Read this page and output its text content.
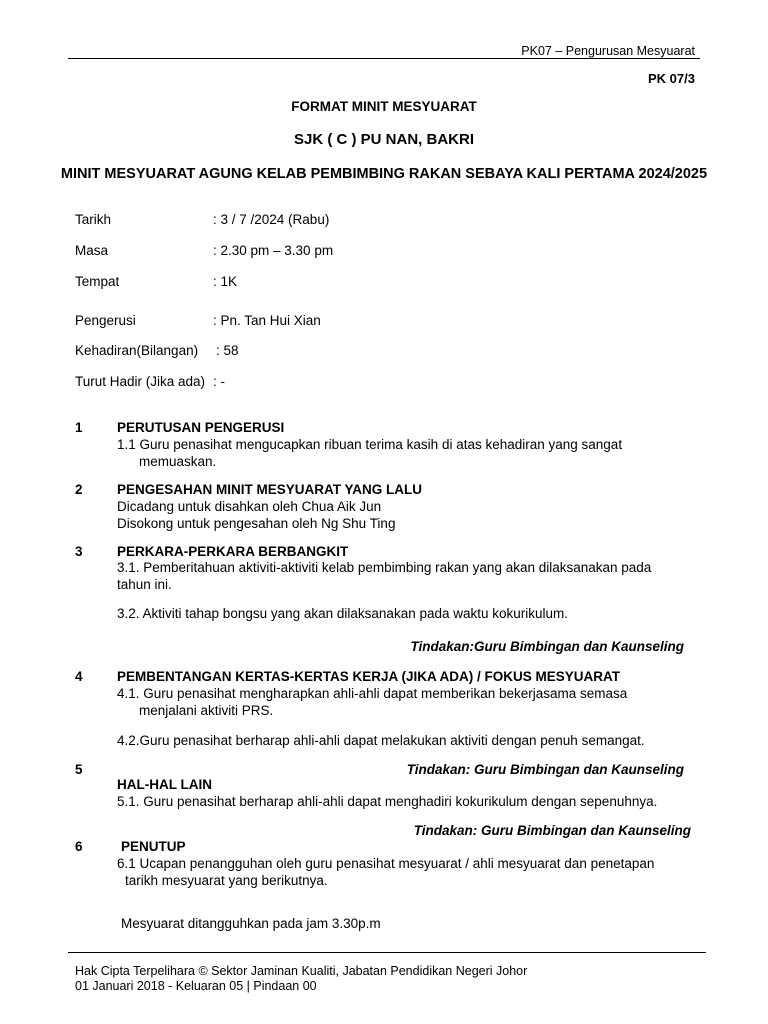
PK07 – Pengurusan Mesyuarat
PK 07/3
FORMAT MINIT MESYUARAT
SJK ( C ) PU NAN, BAKRI
MINIT MESYUARAT AGUNG KELAB PEMBIMBING RAKAN SEBAYA KALI PERTAMA 2024/2025
Tarikh	: 3 / 7 /2024 (Rabu)
Masa	: 2.30 pm – 3.30 pm
Tempat	: 1K
Pengerusi	: Pn. Tan Hui Xian
Kehadiran(Bilangan) : 58
Turut Hadir (Jika ada) : -
1	PERUTUSAN PENGERUSI
1.1 Guru penasihat mengucapkan ribuan terima kasih di atas kehadiran yang sangat
memuaskan.
2	PENGESAHAN MINIT MESYUARAT YANG LALU
Dicadang untuk disahkan oleh Chua Aik Jun
Disokong untuk pengesahan oleh Ng Shu Ting
3	PERKARA-PERKARA BERBANGKIT
3.1. Pemberitahuan aktiviti-aktiviti kelab pembimbing rakan yang akan dilaksanakan pada
tahun ini.
3.2. Aktiviti tahap bongsu yang akan dilaksanakan pada waktu kokurikulum.
Tindakan:Guru Bimbingan dan Kaunseling
4	PEMBENTANGAN KERTAS-KERTAS KERJA (JIKA ADA) / FOKUS MESYUARAT
4.1. Guru penasihat mengharapkan ahli-ahli dapat memberikan bekerjasama semasa
menjalani aktiviti PRS.
4.2.Guru penasihat berharap ahli-ahli dapat melakukan aktiviti dengan penuh semangat.
5	Tindakan: Guru Bimbingan dan Kaunseling
HAL-HAL LAIN
5.1. Guru penasihat berharap ahli-ahli dapat menghadiri kokurikulum dengan sepenuhnya.
Tindakan: Guru Bimbingan dan Kaunseling
6	PENUTUP
6.1 Ucapan penangguhan oleh guru penasihat mesyuarat / ahli mesyuarat dan penetapan
tarikh mesyuarat yang berikutnya.
Mesyuarat ditangguhkan pada jam 3.30p.m
Hak Cipta Terpelihara © Sektor Jaminan Kualiti, Jabatan Pendidikan Negeri Johor
01 Januari 2018 - Keluaran 05 | Pindaan 00
